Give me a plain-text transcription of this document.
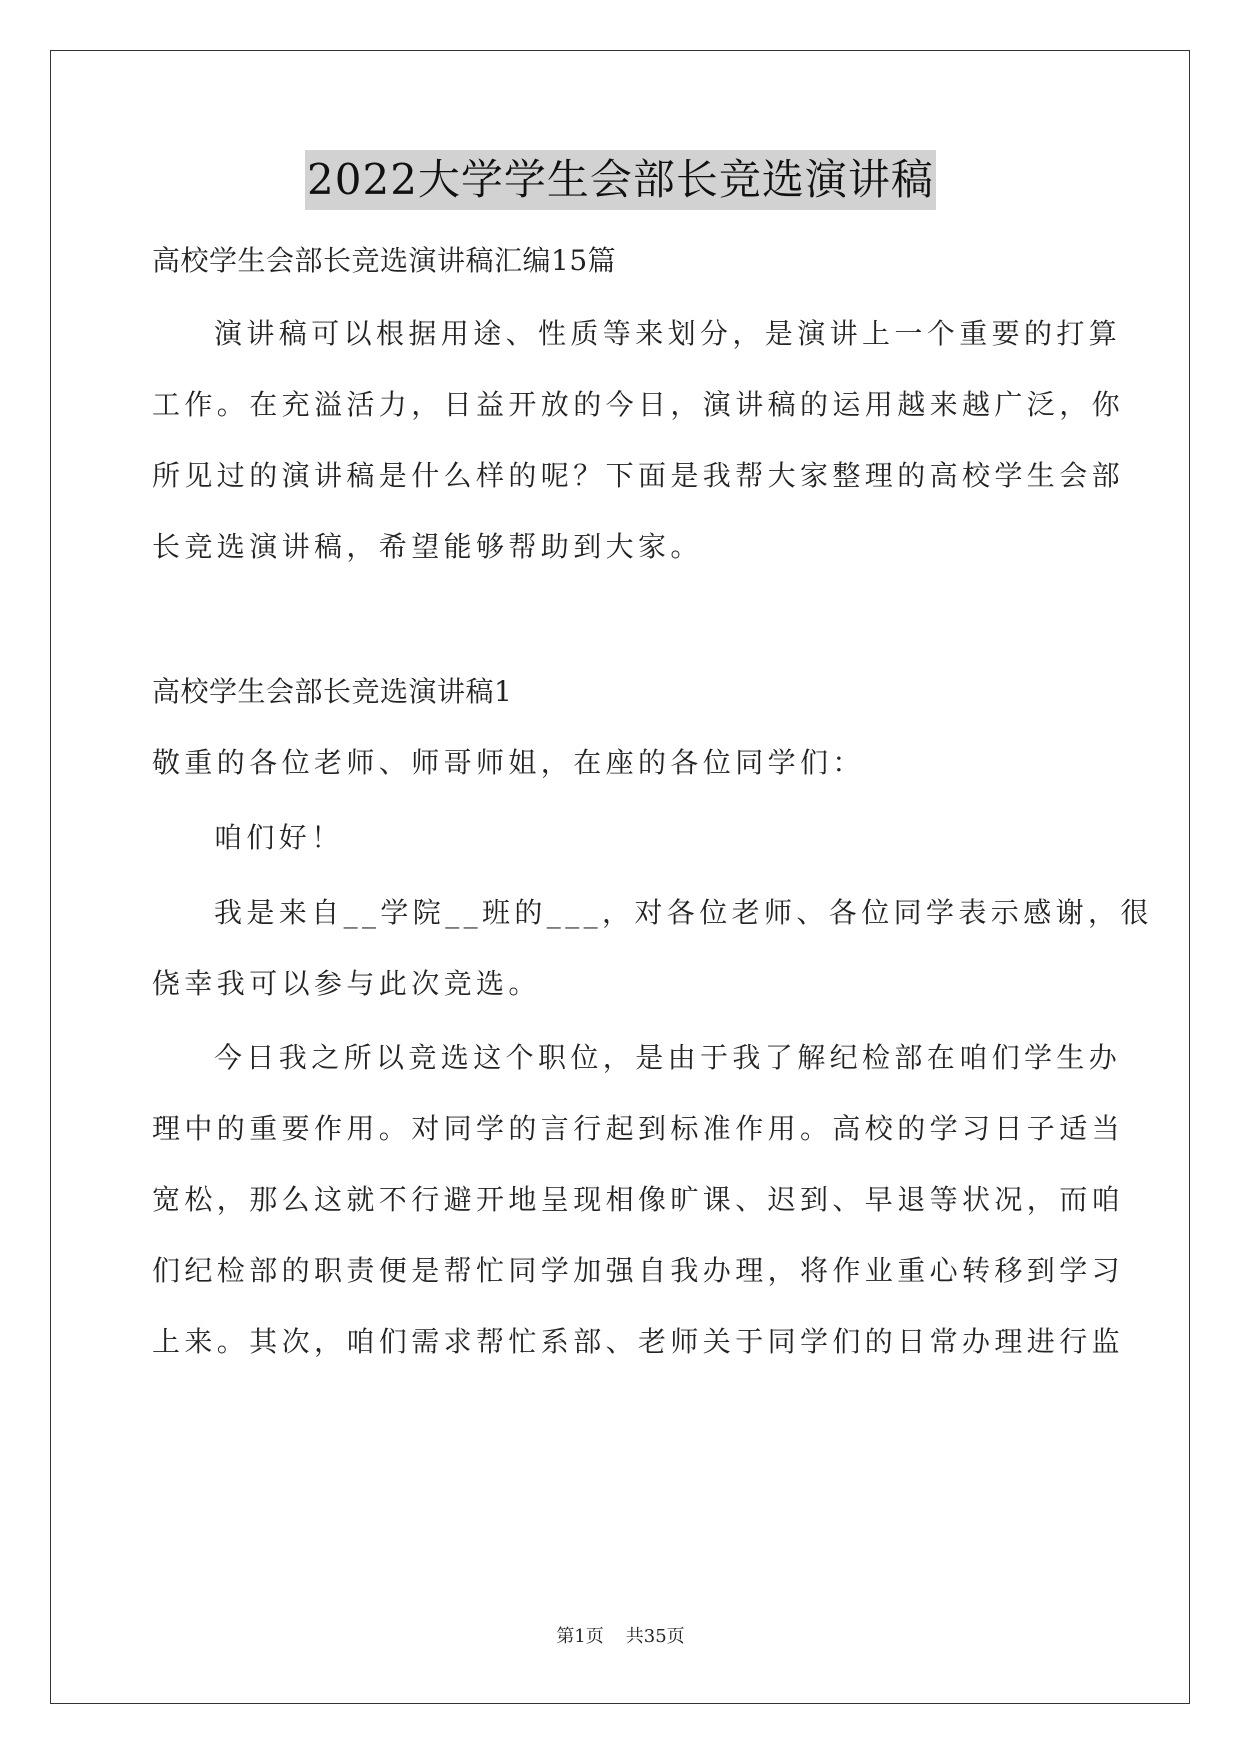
2022大学学生会部长竞选演讲稿
高校学生会部长竞选演讲稿汇编15篇
演讲稿可以根据用途、性质等来划分，是演讲上一个重要的打算
工作。在充溢活力，日益开放的今日，演讲稿的运用越来越广泛，你
所见过的演讲稿是什么样的呢？下面是我帮大家整理的高校学生会部
长竞选演讲稿，希望能够帮助到大家。
高校学生会部长竞选演讲稿1
敬重的各位老师、师哥师姐，在座的各位同学们：
咱们好！
我是来自__学院__班的___，对各位老师、各位同学表示感谢，很
侥幸我可以参与此次竞选。
今日我之所以竞选这个职位，是由于我了解纪检部在咱们学生办
理中的重要作用。对同学的言行起到标准作用。高校的学习日子适当
宽松，那么这就不行避开地呈现相像旷课、迟到、早退等状况，而咱
们纪检部的职责便是帮忙同学加强自我办理，将作业重心转移到学习
上来。其次，咱们需求帮忙系部、老师关于同学们的日常办理进行监
第1页 共35页
